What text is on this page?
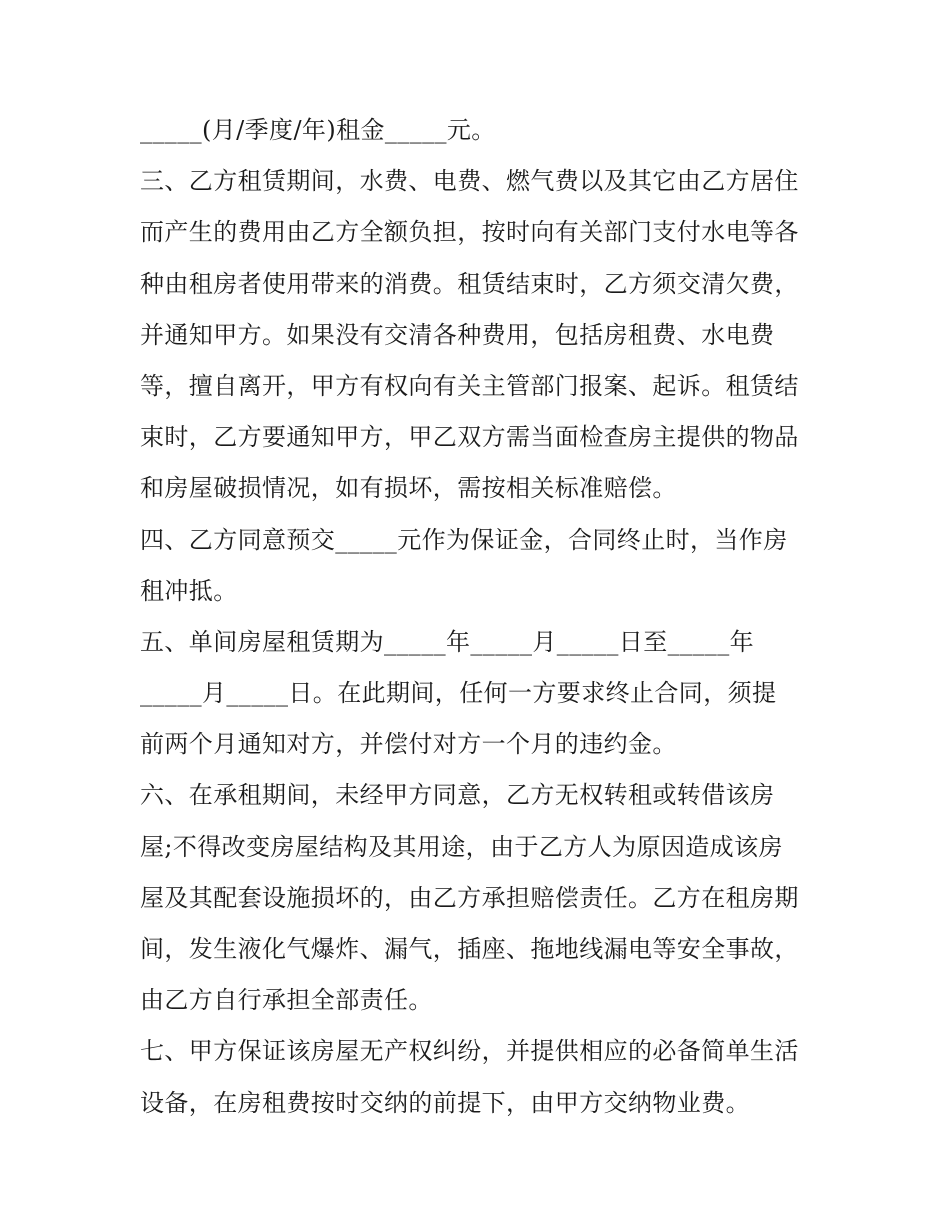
_____(月/季度/年)租金_____元。
三、乙方租赁期间，水费、电费、燃气费以及其它由乙方居住
而产生的费用由乙方全额负担，按时向有关部门支付水电等各
种由租房者使用带来的消费。租赁结束时，乙方须交清欠费，
并通知甲方。如果没有交清各种费用，包括房租费、水电费
等，擅自离开，甲方有权向有关主管部门报案、起诉。租赁结
束时，乙方要通知甲方，甲乙双方需当面检查房主提供的物品
和房屋破损情况，如有损坏，需按相关标准赔偿。
四、乙方同意预交_____元作为保证金，合同终止时，当作房
租冲抵。
五、单间房屋租赁期为_____年_____月_____日至_____年
_____月_____日。在此期间，任何一方要求终止合同，须提
前两个月通知对方，并偿付对方一个月的违约金。
六、在承租期间，未经甲方同意，乙方无权转租或转借该房
屋;不得改变房屋结构及其用途，由于乙方人为原因造成该房
屋及其配套设施损坏的，由乙方承担赔偿责任。乙方在租房期
间，发生液化气爆炸、漏气，插座、拖地线漏电等安全事故，
由乙方自行承担全部责任。
七、甲方保证该房屋无产权纠纷，并提供相应的必备简单生活
设备，在房租费按时交纳的前提下，由甲方交纳物业费。
